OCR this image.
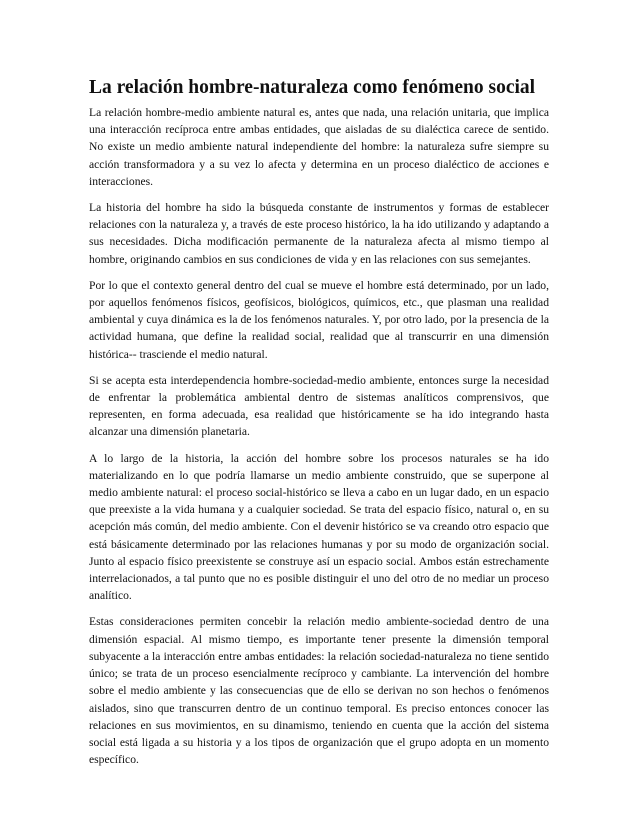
La relación hombre-naturaleza como fenómeno social

La relación hombre-medio ambiente natural es, antes que nada, una relación unitaria, que implica una interacción recíproca entre ambas entidades, que aisladas de su dialéctica carece de sentido. No existe un medio ambiente natural independiente del hombre: la naturaleza sufre siempre su acción transformadora y a su vez lo afecta y determina en un proceso dialéctico de acciones e interacciones.

La historia del hombre ha sido la búsqueda constante de instrumentos y formas de establecer relaciones con la naturaleza y, a través de este proceso histórico, la ha ido utilizando y adaptando a sus necesidades. Dicha modificación permanente de la naturaleza afecta al mismo tiempo al hombre, originando cambios en sus condiciones de vida y en las relaciones con sus semejantes.

Por lo que el contexto general dentro del cual se mueve el hombre está determinado, por un lado, por aquellos fenómenos físicos, geofísicos, biológicos, químicos, etc., que plasman una realidad ambiental y cuya dinámica es la de los fenómenos naturales. Y, por otro lado, por la presencia de la actividad humana, que define la realidad social, realidad que al transcurrir en una dimensión histórica-- trasciende el medio natural.

Si se acepta esta interdependencia hombre-sociedad-medio ambiente, entonces surge la necesidad de enfrentar la problemática ambiental dentro de sistemas analíticos comprensivos, que representen, en forma adecuada, esa realidad que históricamente se ha ido integrando hasta alcanzar una dimensión planetaria.

A lo largo de la historia, la acción del hombre sobre los procesos naturales se ha ido materializando en lo que podría llamarse un medio ambiente construido, que se superpone al medio ambiente natural: el proceso social-histórico se lleva a cabo en un lugar dado, en un espacio que preexiste a la vida humana y a cualquier sociedad. Se trata del espacio físico, natural o, en su acepción más común, del medio ambiente. Con el devenir histórico se va creando otro espacio que está básicamente determinado por las relaciones humanas y por su modo de organización social. Junto al espacio físico preexistente se construye así un espacio social. Ambos están estrechamente interrelacionados, a tal punto que no es posible distinguir el uno del otro de no mediar un proceso analítico.

Estas consideraciones permiten concebir la relación medio ambiente-sociedad dentro de una dimensión espacial. Al mismo tiempo, es importante tener presente la dimensión temporal subyacente a la interacción entre ambas entidades: la relación sociedad-naturaleza no tiene sentido único; se trata de un proceso esencialmente recíproco y cambiante. La intervención del hombre sobre el medio ambiente y las consecuencias que de ello se derivan no son hechos o fenómenos aislados, sino que transcurren dentro de un continuo temporal. Es preciso entonces conocer las relaciones en sus movimientos, en su dinamismo, teniendo en cuenta que la acción del sistema social está ligada a su historia y a los tipos de organización que el grupo adopta en un momento específico.
